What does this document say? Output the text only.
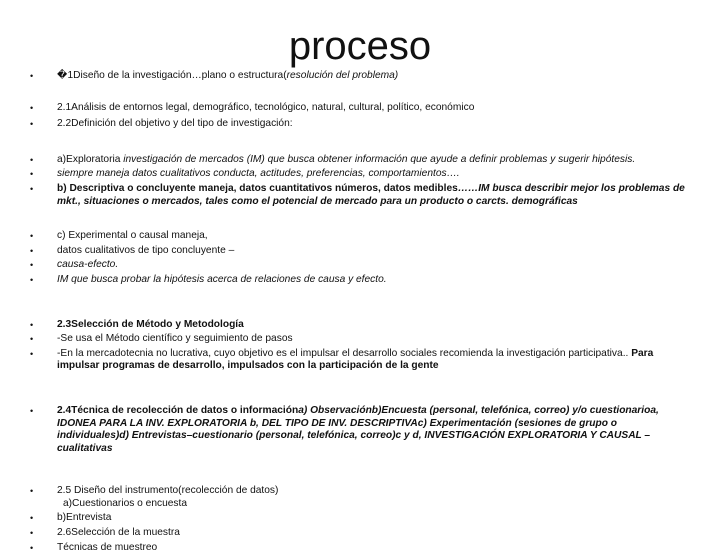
proceso
• �1Diseño de la investigación…plano o estructura(resolución del problema)
• 2.1Análisis de entornos legal, demográfico, tecnológico, natural, cultural, político, económico
• 2.2Definición del objetivo y del tipo de investigación:
• a)Exploratoria investigación de mercados (IM) que busca obtener información que ayude a definir problemas y sugerir hipótesis.
• siempre maneja datos cualitativos conducta, actitudes, preferencias, comportamientos….
• b) Descriptiva o concluyente maneja, datos cuantitativos números, datos medibles……IM busca describir mejor los problemas de mkt., situaciones o mercados, tales como el potencial de mercado para un producto o carcts. demográficas
• c) Experimental o causal maneja,
• datos cualitativos de tipo concluyente –
• causa-efecto.
• IM que busca probar la hipótesis acerca de relaciones de causa y efecto.
• 2.3Selección de Método y Metodología
• -Se usa el Método científico y seguimiento de pasos
• -En la mercadotecnia no lucrativa, cuyo objetivo es el impulsar el desarrollo sociales recomienda la investigación participativa.. Para impulsar programas de desarrollo, impulsados con la participación de la gente
• 2.4Técnica de recolección de datos o informacióna) Observaciónb)Encuesta (personal, telefónica, correo) y/o cuestionarioa, IDONEA PARA LA INV. EXPLORATORIA b, DEL TIPO DE INV. DESCRIPTIVAc) Experimentación (sesiones de grupo o individuales)d) Entrevistas–cuestionario (personal, telefónica, correo)c y d, INVESTIGACIÓN EXPLORATORIA Y CAUSAL – cualitativas
• 2.5 Diseño del instrumento(recolección de datos)
a)Cuestionarios o encuesta
• b)Entrevista
• 2.6Selección de la muestra
• Técnicas de muestreo
